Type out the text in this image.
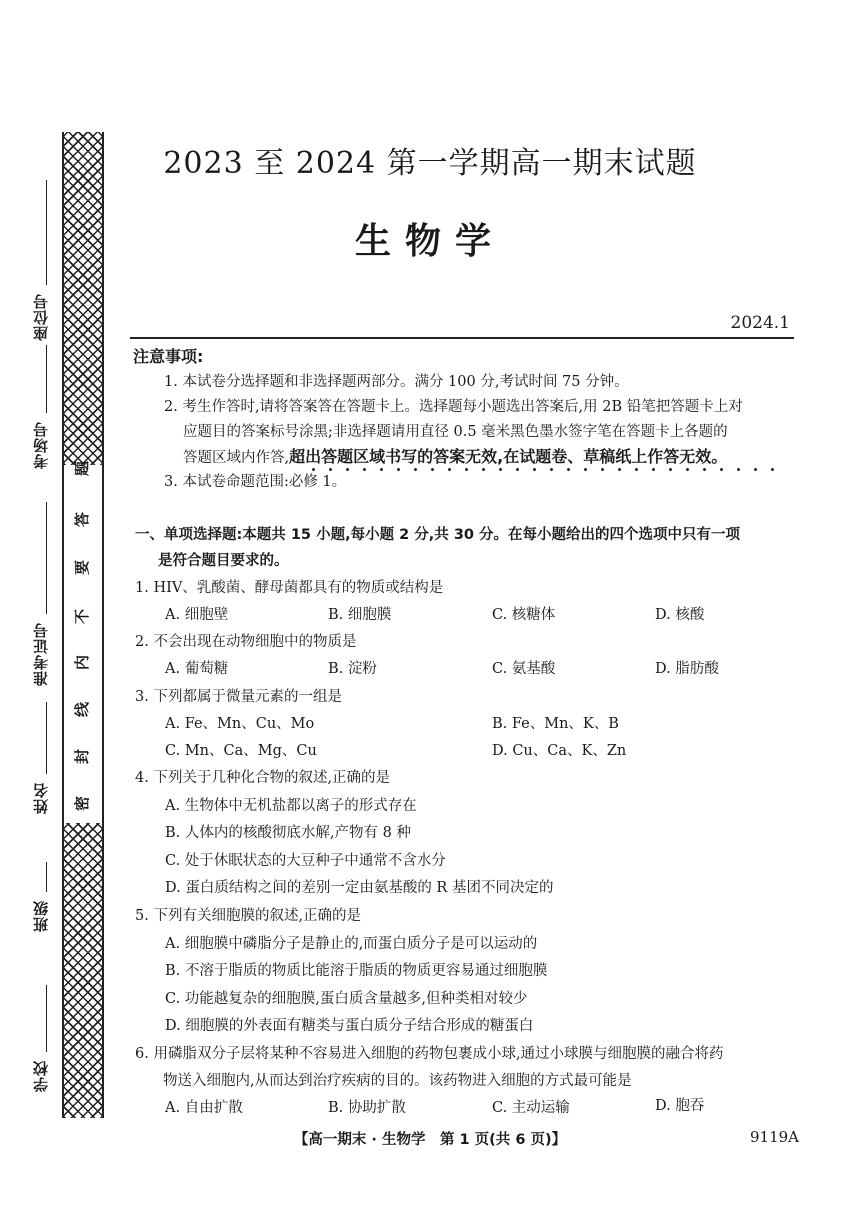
座位号
考场号
准考证号
姓名
班级
学校
题
答
要
不
内
线
封
密
2023 至 2024 第一学期高一期末试题
生物学
2024.1
注意事项:
1. 本试卷分选择题和非选择题两部分。满分 100 分,考试时间 75 分钟。
2. 考生作答时,请将答案答在答题卡上。选择题每小题选出答案后,用 2B 铅笔把答题卡上对
应题目的答案标号涂黑;非选择题请用直径 0.5 毫米黑色墨水签字笔在答题卡上各题的
答题区域内作答,超出答题区域书写的答案无效,在试题卷、草稿纸上作答无效。
3. 本试卷命题范围:必修 1。
一、单项选择题:本题共 15 小题,每小题 2 分,共 30 分。在每小题给出的四个选项中只有一项
是符合题目要求的。
1. HIV、乳酸菌、酵母菌都具有的物质或结构是
A. 细胞壁	B. 细胞膜	C. 核糖体	D. 核酸
2. 不会出现在动物细胞中的物质是
A. 葡萄糖	B. 淀粉	C. 氨基酸	D. 脂肪酸
3. 下列都属于微量元素的一组是
A. Fe、Mn、Cu、Mo	B. Fe、Mn、K、B
C. Mn、Ca、Mg、Cu	D. Cu、Ca、K、Zn
4. 下列关于几种化合物的叙述,正确的是
A. 生物体中无机盐都以离子的形式存在
B. 人体内的核酸彻底水解,产物有 8 种
C. 处于休眠状态的大豆种子中通常不含水分
D. 蛋白质结构之间的差别一定由氨基酸的 R 基团不同决定的
5. 下列有关细胞膜的叙述,正确的是
A. 细胞膜中磷脂分子是静止的,而蛋白质分子是可以运动的
B. 不溶于脂质的物质比能溶于脂质的物质更容易通过细胞膜
C. 功能越复杂的细胞膜,蛋白质含量越多,但种类相对较少
D. 细胞膜的外表面有糖类与蛋白质分子结合形成的糖蛋白
6. 用磷脂双分子层将某种不容易进入细胞的药物包裹成小球,通过小球膜与细胞膜的融合将药
物送入细胞内,从而达到治疗疾病的目的。该药物进入细胞的方式最可能是
A. 自由扩散	B. 协助扩散	C. 主动运输	D. 胞吞
【高一期末 · 生物学　第 1 页(共 6 页)】	9119A
